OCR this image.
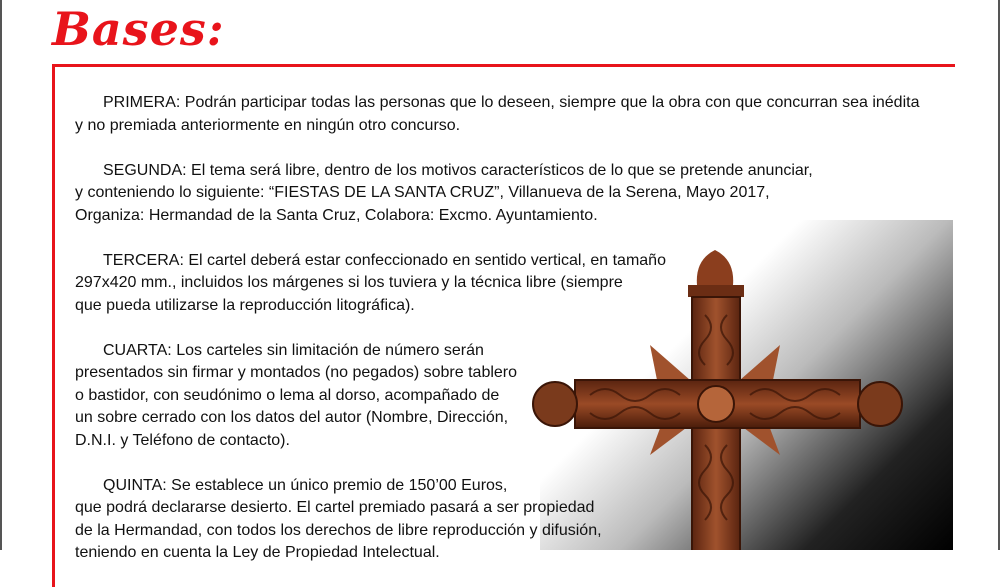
Bases:
PRIMERA: Podrán participar todas las personas que lo deseen, siempre que la obra con que concurran sea inédita
y no premiada anteriormente en ningún otro concurso.
SEGUNDA: El tema será libre, dentro de los motivos característicos de lo que se pretende anunciar,
y conteniendo lo siguiente: “FIESTAS DE LA SANTA CRUZ”, Villanueva de la Serena, Mayo 2017,
Organiza: Hermandad de la Santa Cruz, Colabora: Excmo. Ayuntamiento.
TERCERA: El cartel deberá estar confeccionado en sentido vertical, en tamaño
297x420 mm., incluidos los márgenes si los tuviera y la técnica libre (siempre
que pueda utilizarse la reproducción litográfica).
CUARTA: Los carteles sin limitación de número serán
presentados sin firmar y montados (no pegados) sobre tablero
o bastidor, con seudónimo o lema al dorso, acompañado de
un sobre cerrado con los datos del autor (Nombre, Dirección,
D.N.I. y Teléfono de contacto).
QUINTA: Se establece un único premio de 150’00 Euros,
que podrá declararse desierto. El cartel premiado pasará a ser propiedad
de la Hermandad, con todos los derechos de libre reproducción y difusión,
teniendo en cuenta la Ley de Propiedad Intelectual.
